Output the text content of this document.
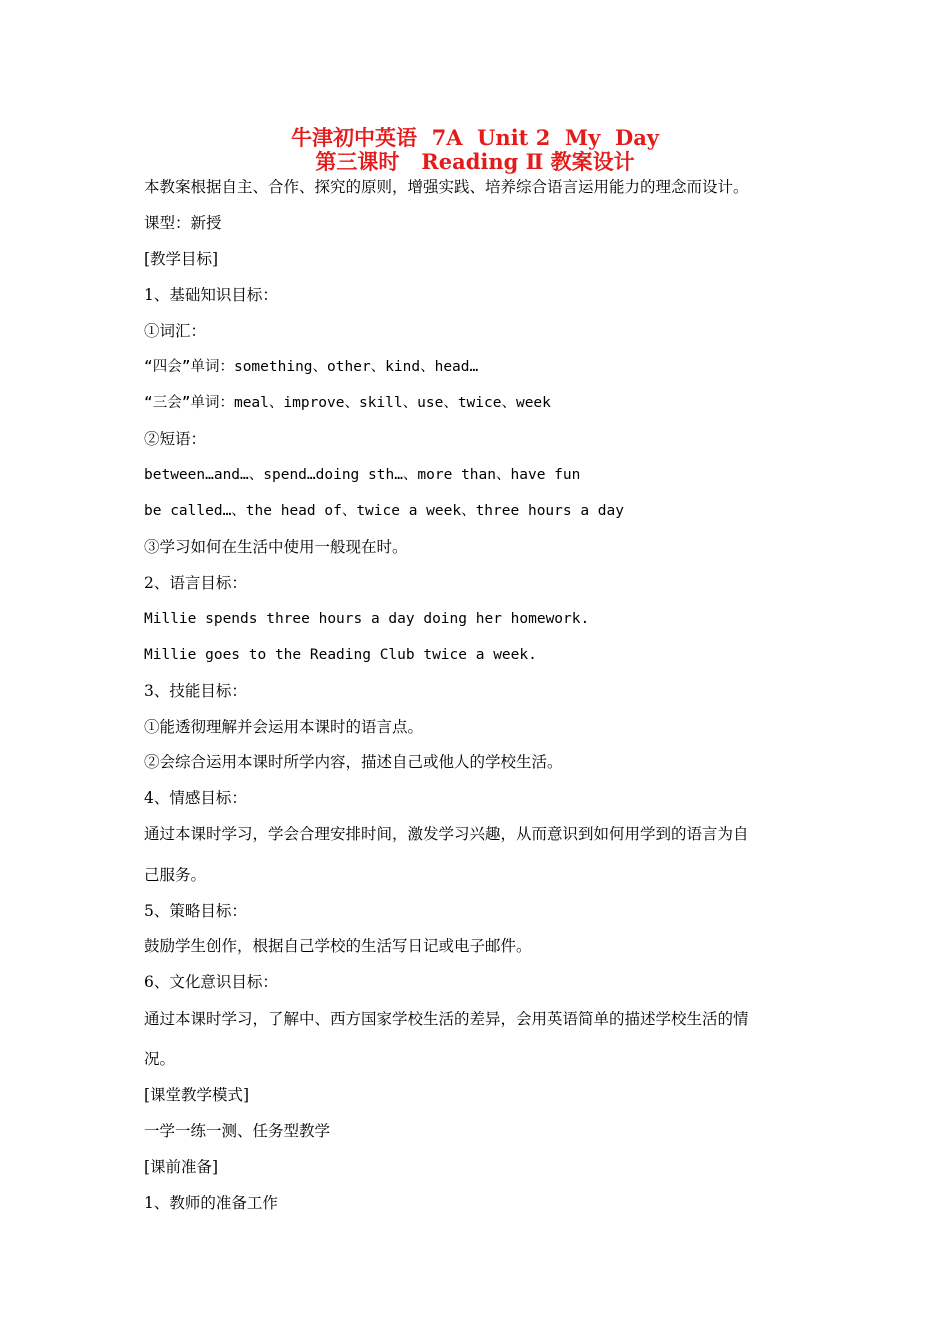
牛津初中英语  7A  Unit 2  My  Day
第三课时   Reading Ⅱ 教案设计
本教案根据自主、合作、探究的原则，增强实践、培养综合语言运用能力的理念而设计。
课型：新授
[教学目标]
1、基础知识目标：
①词汇：
“四会”单词：something、other、kind、head…
“三会”单词：meal、improve、skill、use、twice、week
②短语：
between…and…、spend…doing sth…、more than、have fun
be called…、the head of、twice a week、three hours a day
③学习如何在生活中使用一般现在时。
2、语言目标：
Millie spends three hours a day doing her homework.
Millie goes to the Reading Club twice a week.
3、技能目标：
①能透彻理解并会运用本课时的语言点。
②会综合运用本课时所学内容，描述自己或他人的学校生活。
4、情感目标：
通过本课时学习，学会合理安排时间，激发学习兴趣，从而意识到如何用学到的语言为自
己服务。
5、策略目标：
鼓励学生创作，根据自己学校的生活写日记或电子邮件。
6、文化意识目标：
通过本课时学习，了解中、西方国家学校生活的差异，会用英语简单的描述学校生活的情
况。
[课堂教学模式]
一学一练一测、任务型教学
[课前准备]
1、教师的准备工作
